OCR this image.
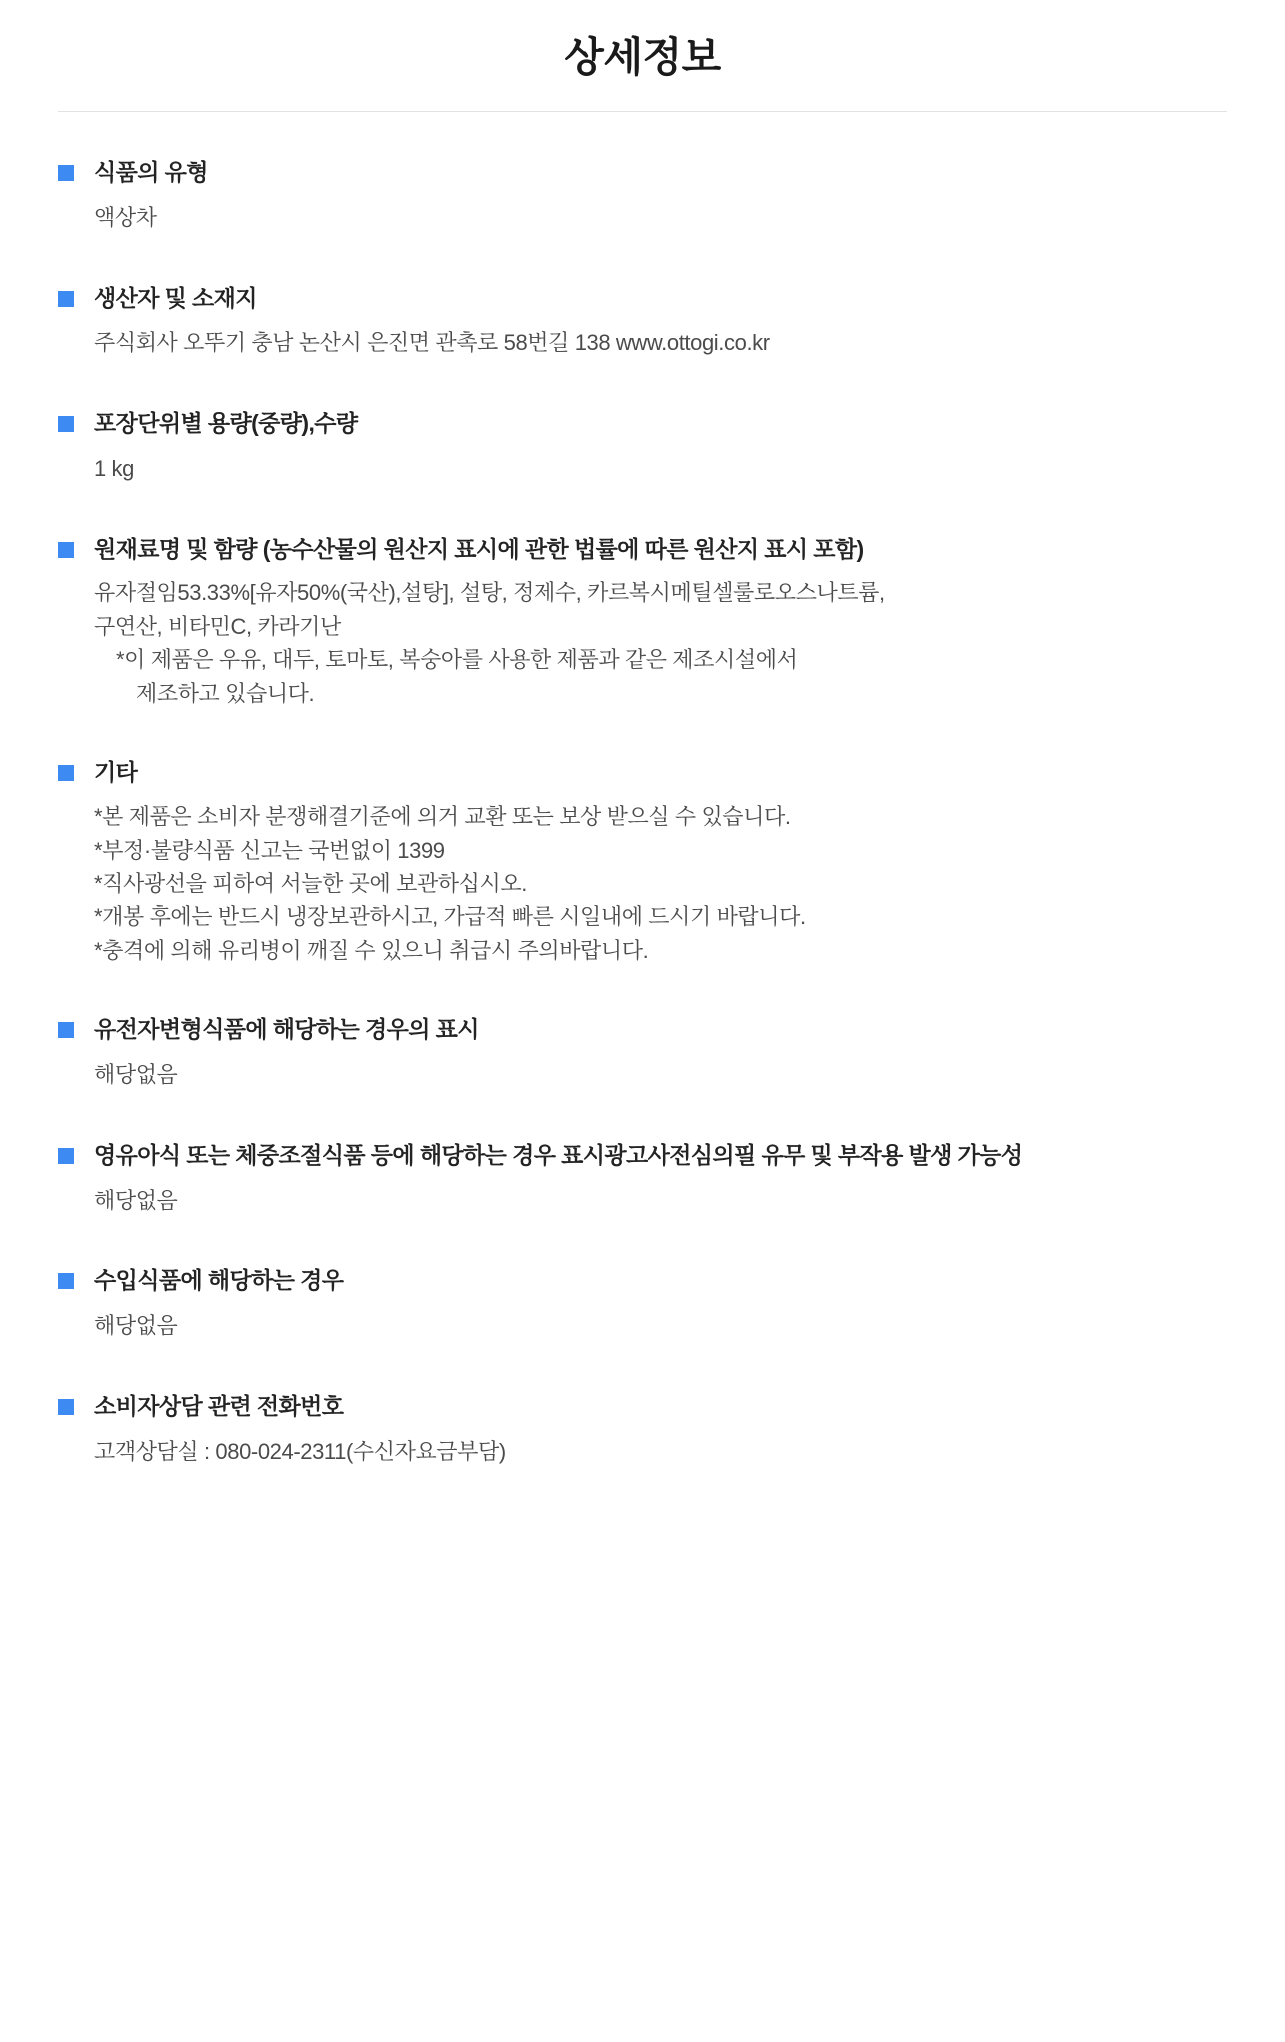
상세정보
식품의 유형
액상차
생산자 및 소재지
주식회사 오뚜기 충남 논산시 은진면 관촉로 58번길 138 www.ottogi.co.kr
포장단위별 용량(중량),수량
1 kg
원재료명 및 함량 (농수산물의 원산지 표시에 관한 법률에 따른 원산지 표시 포함)
유자절임53.33%[유자50%(국산),설탕], 설탕, 정제수, 카르복시메틸셀룰로오스나트륨,
구연산, 비타민C, 카라기난
*이 제품은 우유, 대두, 토마토, 복숭아를 사용한 제품과 같은 제조시설에서
제조하고 있습니다.
기타
*본 제품은 소비자 분쟁해결기준에 의거 교환 또는 보상 받으실 수 있습니다.
*부정·불량식품 신고는 국번없이 1399
*직사광선을 피하여 서늘한 곳에 보관하십시오.
*개봉 후에는 반드시 냉장보관하시고, 가급적 빠른 시일내에 드시기 바랍니다.
*충격에 의해 유리병이 깨질 수 있으니 취급시 주의바랍니다.
유전자변형식품에 해당하는 경우의 표시
해당없음
영유아식 또는 체중조절식품 등에 해당하는 경우 표시광고사전심의필 유무 및 부작용 발생 가능성
해당없음
수입식품에 해당하는 경우
해당없음
소비자상담 관련 전화번호
고객상담실 : 080-024-2311(수신자요금부담)
